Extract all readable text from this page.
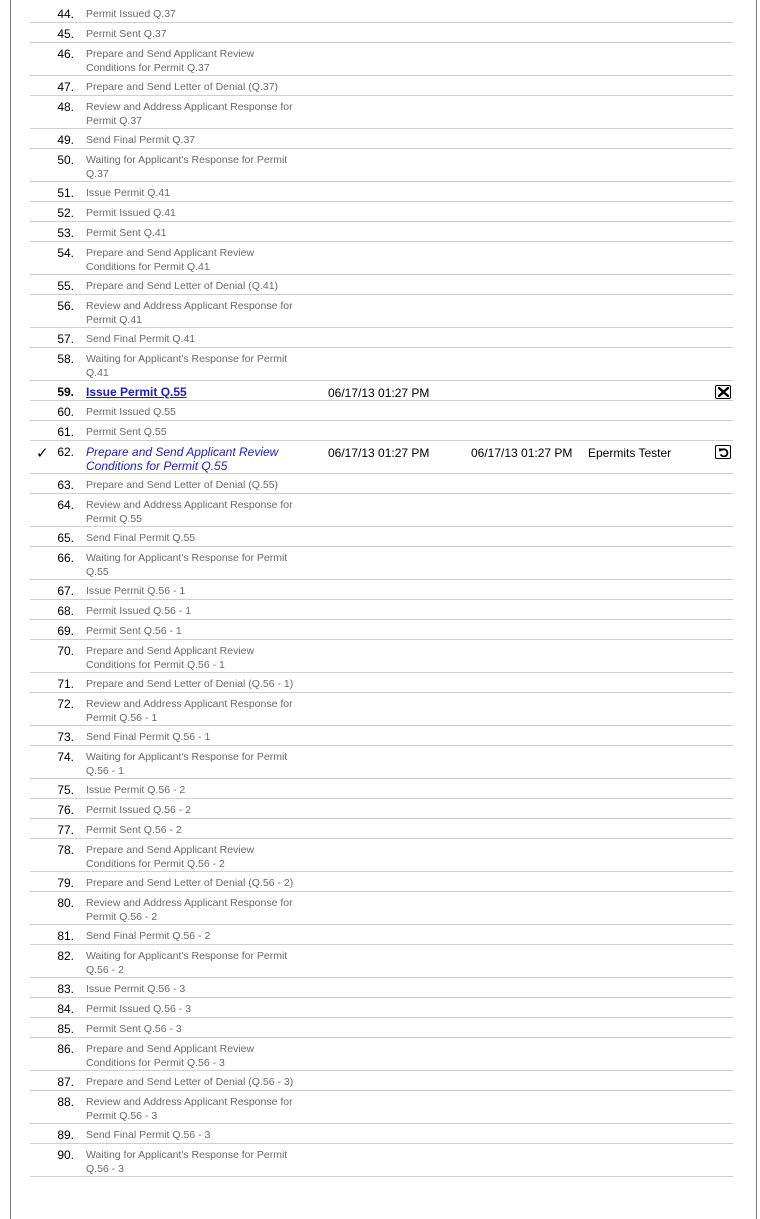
44. Permit Issued Q.37
45. Permit Sent Q.37
46. Prepare and Send Applicant Review Conditions for Permit Q.37
47. Prepare and Send Letter of Denial (Q.37)
48. Review and Address Applicant Response for Permit Q.37
49. Send Final Permit Q.37
50. Waiting for Applicant's Response for Permit Q.37
51. Issue Permit Q.41
52. Permit Issued Q.41
53. Permit Sent Q.41
54. Prepare and Send Applicant Review Conditions for Permit Q.41
55. Prepare and Send Letter of Denial (Q.41)
56. Review and Address Applicant Response for Permit Q.41
57. Send Final Permit Q.41
58. Waiting for Applicant's Response for Permit Q.41
59. Issue Permit Q.55	06/17/13 01:27 PM
60. Permit Issued Q.55
61. Permit Sent Q.55
✓ 62. Prepare and Send Applicant Review Conditions for Permit Q.55
06/17/13 01:27 PM	06/17/13 01:27 PM Epermits Tester
63. Prepare and Send Letter of Denial (Q.55)
64. Review and Address Applicant Response for Permit Q.55
65. Send Final Permit Q.55
66. Waiting for Applicant's Response for Permit Q.55
67. Issue Permit Q.56 - 1
68. Permit Issued Q.56 - 1
69. Permit Sent Q.56 - 1
70. Prepare and Send Applicant Review Conditions for Permit Q.56 - 1
71. Prepare and Send Letter of Denial (Q.56 - 1)
72. Review and Address Applicant Response for Permit Q.56 - 1
73. Send Final Permit Q.56 - 1
74. Waiting for Applicant's Response for Permit Q.56 - 1
75. Issue Permit Q.56 - 2
76. Permit Issued Q.56 - 2
77. Permit Sent Q.56 - 2
78. Prepare and Send Applicant Review Conditions for Permit Q.56 - 2
79. Prepare and Send Letter of Denial (Q.56 - 2)
80. Review and Address Applicant Response for Permit Q.56 - 2
81. Send Final Permit Q.56 - 2
82. Waiting for Applicant's Response for Permit Q.56 - 2
83. Issue Permit Q.56 - 3
84. Permit Issued Q.56 - 3
85. Permit Sent Q.56 - 3
86. Prepare and Send Applicant Review Conditions for Permit Q.56 - 3
87. Prepare and Send Letter of Denial (Q.56 - 3)
88. Review and Address Applicant Response for Permit Q.56 - 3
89. Send Final Permit Q.56 - 3
90. Waiting for Applicant's Response for Permit Q.56 - 3
